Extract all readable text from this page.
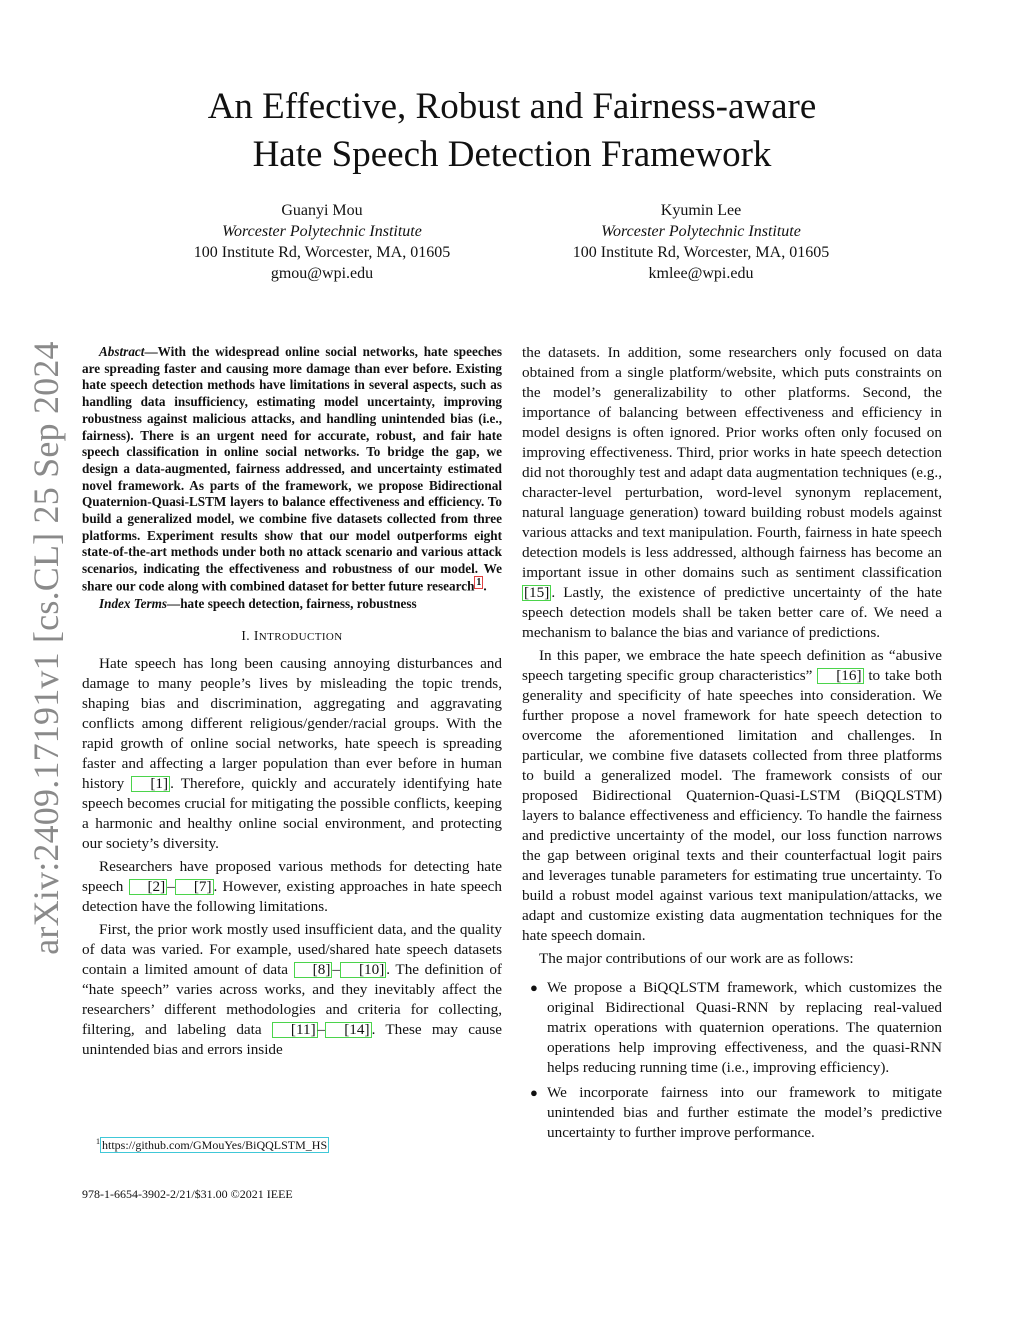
arXiv:2409.17191v1 [cs.CL] 25 Sep 2024
An Effective, Robust and Fairness-aware
Hate Speech Detection Framework
Guanyi Mou
Worcester Polytechnic Institute
100 Institute Rd, Worcester, MA, 01605
gmou@wpi.edu
Kyumin Lee
Worcester Polytechnic Institute
100 Institute Rd, Worcester, MA, 01605
kmlee@wpi.edu

Abstract—With the widespread online social networks, hate speeches are spreading faster and causing more damage than ever before. Existing hate speech detection methods have limitations in several aspects, such as handling data insufficiency, estimating model uncertainty, improving robustness against malicious attacks, and handling unintended bias (i.e., fairness). There is an urgent need for accurate, robust, and fair hate speech classification in online social networks. To bridge the gap, we design a data-augmented, fairness addressed, and uncertainty estimated novel framework. As parts of the framework, we propose Bidirectional Quaternion-Quasi-LSTM layers to balance effectiveness and efficiency. To build a generalized model, we combine five datasets collected from three platforms. Experiment results show that our model outperforms eight state-of-the-art methods under both no attack scenario and various attack scenarios, indicating the effectiveness and robustness of our model. We share our code along with combined dataset for better future research $^1$ .

Index Terms—hate speech detection, fairness, robustness

I. INTRODUCTION

Hate speech has long been causing annoying disturbances and damage to many people’s lives by misleading the topic trends, shaping bias and discrimination, aggregating and aggravating conflicts among different religious/gender/racial groups. With the rapid growth of online social networks, hate speech is spreading faster and affecting a larger population than ever before in human history [1] . Therefore, quickly and accurately identifying hate speech becomes crucial for mitigating the possible conflicts, keeping a harmonic and healthy online social environment, and protecting our society’s diversity.

Researchers have proposed various methods for detecting hate speech [2] – [7] . However, existing approaches in hate speech detection have the following limitations.

First, the prior work mostly used insufficient data, and the quality of data was varied. For example, used/shared hate speech datasets contain a limited amount of data [8] – [10] . The definition of “hate speech” varies across works, and they inevitably affect the researchers’ different methodologies and criteria for collecting, filtering, and labeling data [11] – [14] . These may cause unintended bias and errors inside

the datasets. In addition, some researchers only focused on data obtained from a single platform/website, which puts constraints on the model’s generalizability to other platforms. Second, the importance of balancing between effectiveness and efficiency in model designs is often ignored. Prior works often only focused on improving effectiveness. Third, prior works in hate speech detection did not thoroughly test and adapt data augmentation techniques (e.g., character-level perturbation, word-level synonym replacement, natural language generation) toward building robust models against various attacks and text manipulation. Fourth, fairness in hate speech detection models is less addressed, although fairness has become an important issue in other domains such as sentiment classification [15] . Lastly, the existence of predictive uncertainty of the hate speech detection models shall be taken better care of. We need a mechanism to balance the bias and variance of predictions.

In this paper, we embrace the hate speech definition as “abusive speech targeting specific group characteristics” [16] to take both generality and specificity of hate speeches into consideration. We further propose a novel framework for hate speech detection to overcome the aforementioned limitation and challenges. In particular, we combine five datasets collected from three platforms to build a generalized model. The framework consists of our proposed Bidirectional Quaternion-Quasi-LSTM (BiQQLSTM) layers to balance effectiveness and efficiency. To handle the fairness and predictive uncertainty of the model, our loss function narrows the gap between original texts and their counterfactual logit pairs and leverages tunable parameters for estimating true uncertainty. To build a robust model against various text manipulation/attacks, we adapt and customize existing data augmentation techniques for the hate speech domain.

The major contributions of our work are as follows:

● We propose a BiQQLSTM framework, which customizes the original Bidirectional Quasi-RNN by replacing real-valued matrix operations with quaternion operations. The quaternion operations help improving effectiveness, and the quasi-RNN helps reducing running time (i.e., improving efficiency).
● We incorporate fairness into our framework to mitigate unintended bias and further estimate the model’s predictive uncertainty to further improve performance.
$^1$ https://github.com/GMouYes/BiQQLSTM_HS
978-1-6654-3902-2/21/$31.00 ©2021 IEEE
